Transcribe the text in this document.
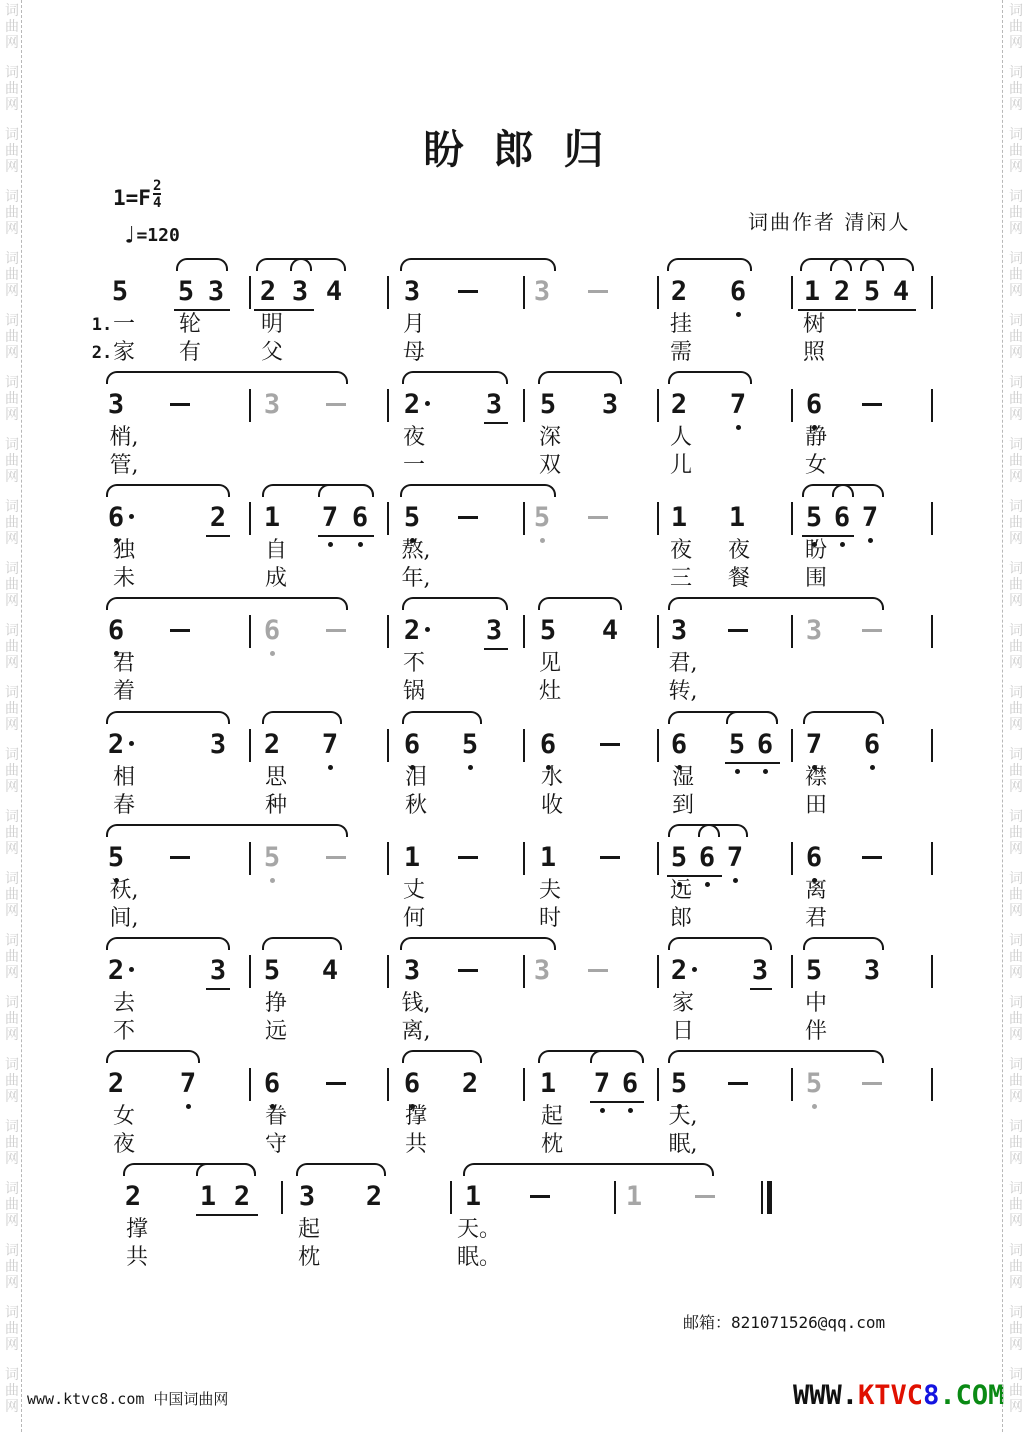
盼郎归
$1=F \frac{2}{4}$
♩=120
词曲作者 清闲人
5 5 3 2 3 4 3	3	2 6 1 2 5 4
1. 一 轮	明	月	挂	树
2. 家 有	父	母	需	照
3	3	2 3 5 3 2 7 6
梢,	夜	深	人	静
管,	一	双	儿	女
6	2 1 7 6 5	5	1 1 5 6 7
独	自	熬,	夜 夜 盼
未	成	年,	三 餐 围
6	6	2 3 5 4 3	3
君	不	见	君,
着	锅	灶	转,
2	3 2 7 6 5 6	6 5 6 7 6
相	思	泪	水	湿	襟
春	种	秋	收	到	田
5	5	1	1	5 6 7 6
袄,	丈	夫	远	离
间,	何	时	郎	君
2	3 5 4 3	3	2 3 5 3
去	挣	钱,	家	中
不	远	离,	日	伴
2 7	6	6 2 1 7 6 5	5
女	眷	撑	起	天,
夜	守	共	枕	眠,
2 1 2 3 2	1	1
撑	起	天。
共	枕	眠。
邮箱：821071526@qq.com
www.ktvc8.com 中国词曲网	WWW.KTVC8.COM
词	词
曲	曲
网	网
词	词
曲	曲
网	网
词	词
曲	曲
网	网
词	词
曲	曲
网	网
词	词
曲	曲
网	网
词	词
曲	曲
网	网
词	词
曲	曲
网	网
词	词
曲	曲
网	网
词	词
曲	曲
网	网
词	词
曲	曲
网	网
词	词
曲	曲
网	网
词	词
曲	曲
网	网
词	词
曲	曲
网	网
词	词
曲	曲
网	网
词	词
曲	曲
网	网
词	词
曲	曲
网	网
词	词
曲	曲
网	网
词	词
曲	曲
网	网
词	词
曲	曲
网	网
词	词
曲	曲
网	网
词	词
曲	曲
网	网
词	词
曲	曲
网	网
词	词
曲	曲
网	网
